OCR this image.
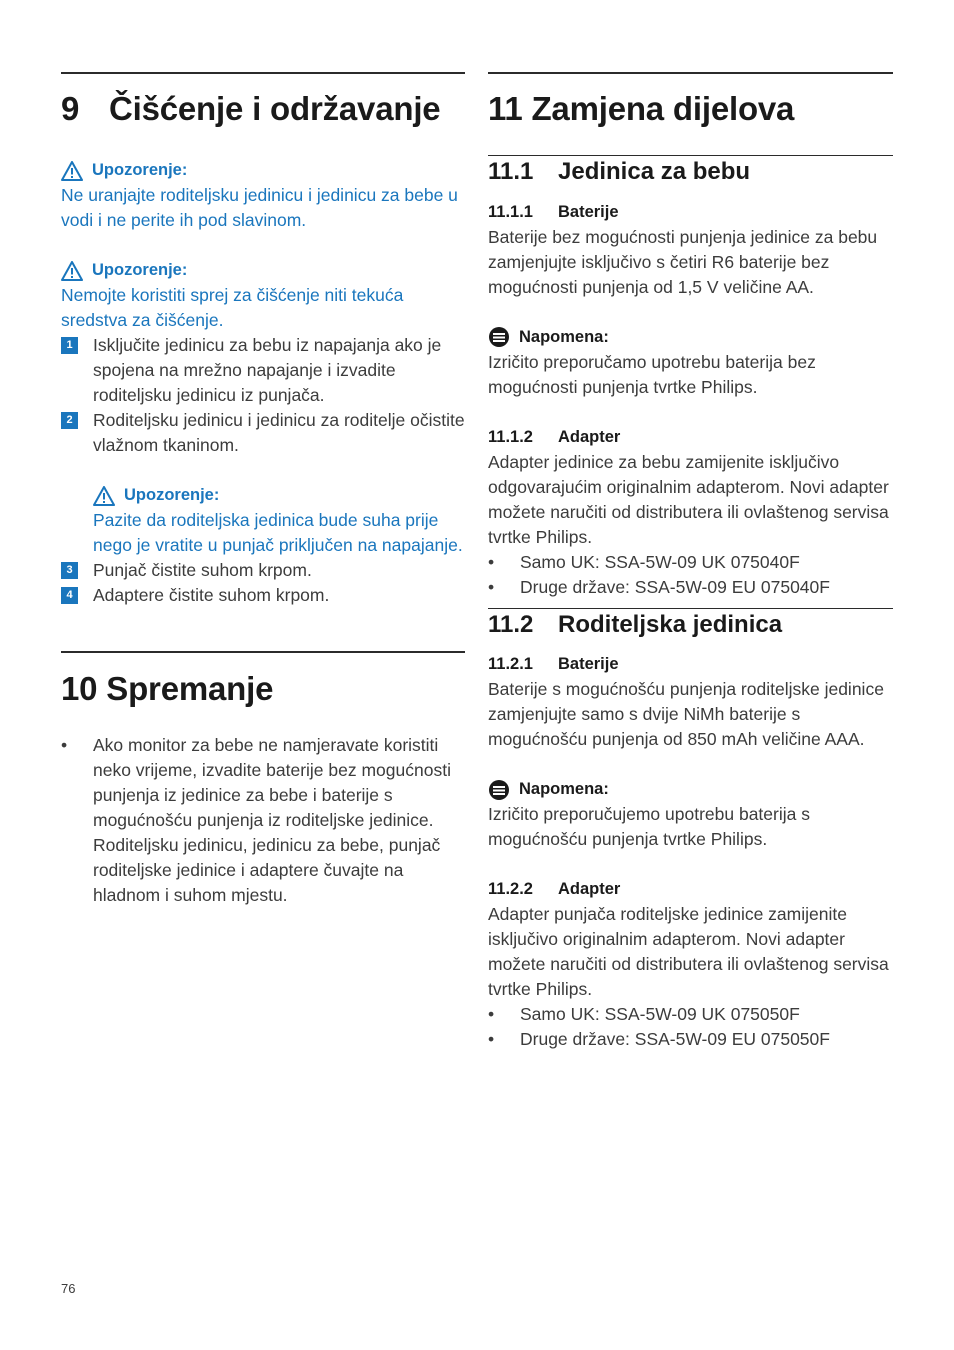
9 Čišćenje i održavanje
Upozorenje:

Ne uranjajte roditeljsku jedinicu i jedinicu za bebe u vodi i ne perite ih pod slavinom.

Upozorenje:

Nemojte koristiti sprej za čišćenje niti tekuća sredstva za čišćenje.

1	Isključite jedinicu za bebu iz napajanja ako je spojena na mrežno napajanje i izvadite roditeljsku jedinicu iz punjača.
2	Roditeljsku jedinicu i jedinicu za roditelje očistite vlažnom tkaninom.
Upozorenje:

Pazite da roditeljska jedinica bude suha prije nego je vratite u punjač priključen na napajanje.

3	Punjač čistite suhom krpom.
4	Adaptere čistite suhom krpom.
10 Spremanje
•	Ako monitor za bebe ne namjeravate koristiti neko vrijeme, izvadite baterije bez mogućnosti punjenja iz jedinice za bebe i baterije s mogućnošću punjenja iz roditeljske jedinice. Roditeljsku jedinicu, jedinicu za bebe, punjač roditeljske jedinice i adaptere čuvajte na hladnom i suhom mjestu.
11 Zamjena dijelova
11.1 Jedinica za bebu
11.1.1 Baterije

Baterije bez mogućnosti punjenja jedinice za bebu zamjenjujte isključivo s četiri R6 baterije bez mogućnosti punjenja od 1,5 V veličine AA.

Napomena:

Izričito preporučamo upotrebu baterija bez mogućnosti punjenja tvrtke Philips.

11.1.2 Adapter

Adapter jedinice za bebu zamijenite isključivo odgovarajućim originalnim adapterom. Novi adapter možete naručiti od distributera ili ovlaštenog servisa tvrtke Philips.

•	Samo UK: SSA-5W-09 UK 075040F
•	Druge države: SSA-5W-09 EU 075040F
11.2 Roditeljska jedinica
11.2.1 Baterije

Baterije s mogućnošću punjenja roditeljske jedinice zamjenjujte samo s dvije NiMh baterije s mogućnošću punjenja od 850 mAh veličine AAA.

Napomena:

Izričito preporučujemo upotrebu baterija s mogućnošću punjenja tvrtke Philips.

11.2.2 Adapter

Adapter punjača roditeljske jedinice zamijenite isključivo originalnim adapterom. Novi adapter možete naručiti od distributera ili ovlaštenog servisa tvrtke Philips.

•	Samo UK: SSA-5W-09 UK 075050F
•	Druge države: SSA-5W-09 EU 075050F
76
